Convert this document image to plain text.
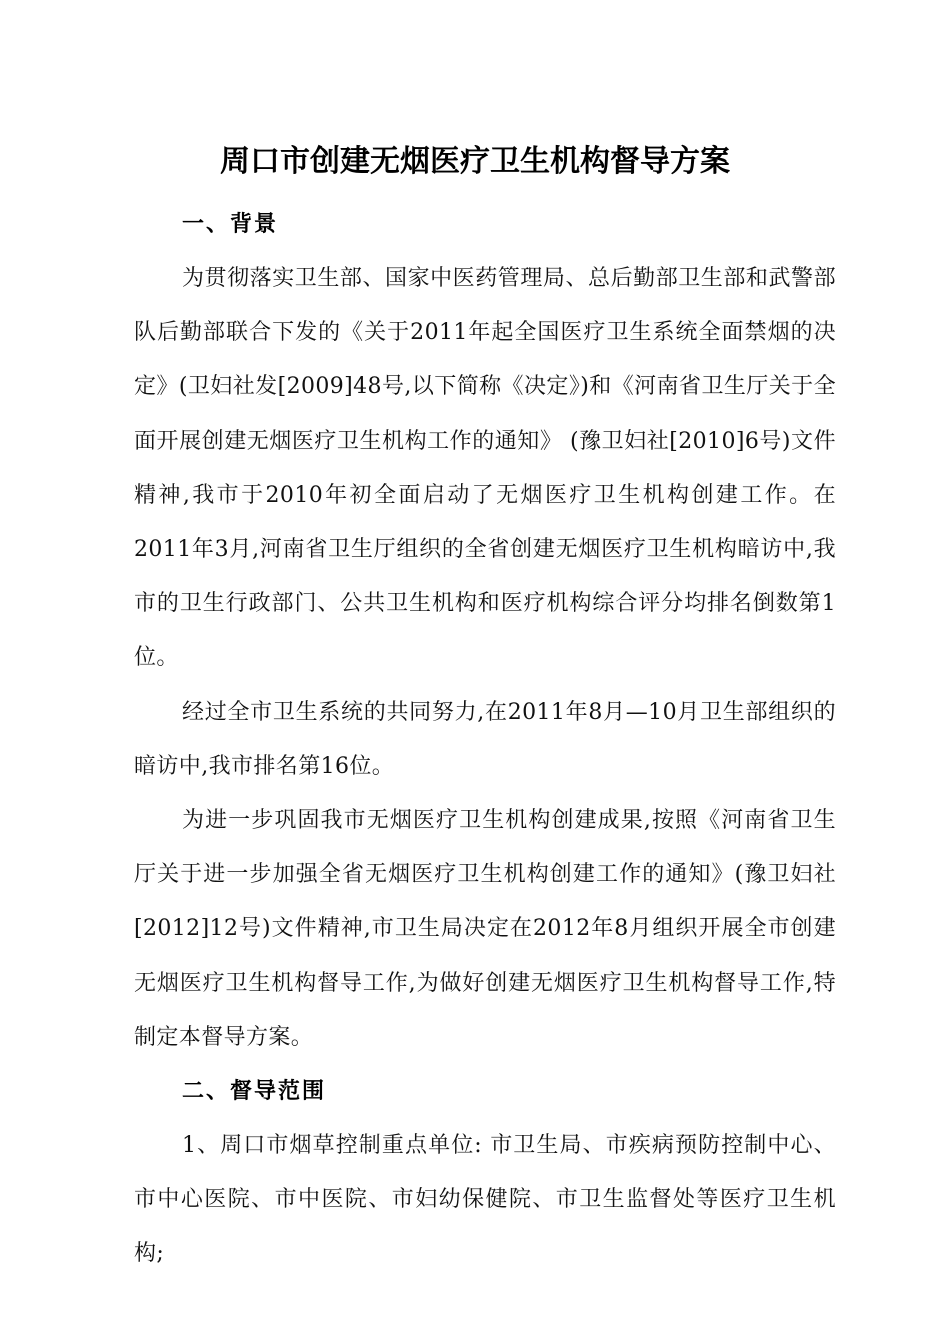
周口市创建无烟医疗卫生机构督导方案
一、背景

为贯彻落实卫生部、国家中医药管理局、总后勤部卫生部和武警部队后勤部联合下发的《关于2011年起全国医疗卫生系统全面禁烟的决定》(卫妇社发[2009]48号,以下简称《决定》)和《河南省卫生厅关于全面开展创建无烟医疗卫生机构工作的通知》 (豫卫妇社[2010]6号)文件精神,我市于2010年初全面启动了无烟医疗卫生机构创建工作。在2011年3月,河南省卫生厅组织的全省创建无烟医疗卫生机构暗访中,我市的卫生行政部门、公共卫生机构和医疗机构综合评分均排名倒数第1位。

经过全市卫生系统的共同努力,在2011年8月—10月卫生部组织的暗访中,我市排名第16位。

为进一步巩固我市无烟医疗卫生机构创建成果,按照《河南省卫生厅关于进一步加强全省无烟医疗卫生机构创建工作的通知》(豫卫妇社[2012]12号)文件精神,市卫生局决定在2012年8月组织开展全市创建无烟医疗卫生机构督导工作,为做好创建无烟医疗卫生机构督导工作,特制定本督导方案。

二、督导范围

1、周口市烟草控制重点单位: 市卫生局、市疾病预防控制中心、市中心医院、市中医院、市妇幼保健院、市卫生监督处等医疗卫生机构;
